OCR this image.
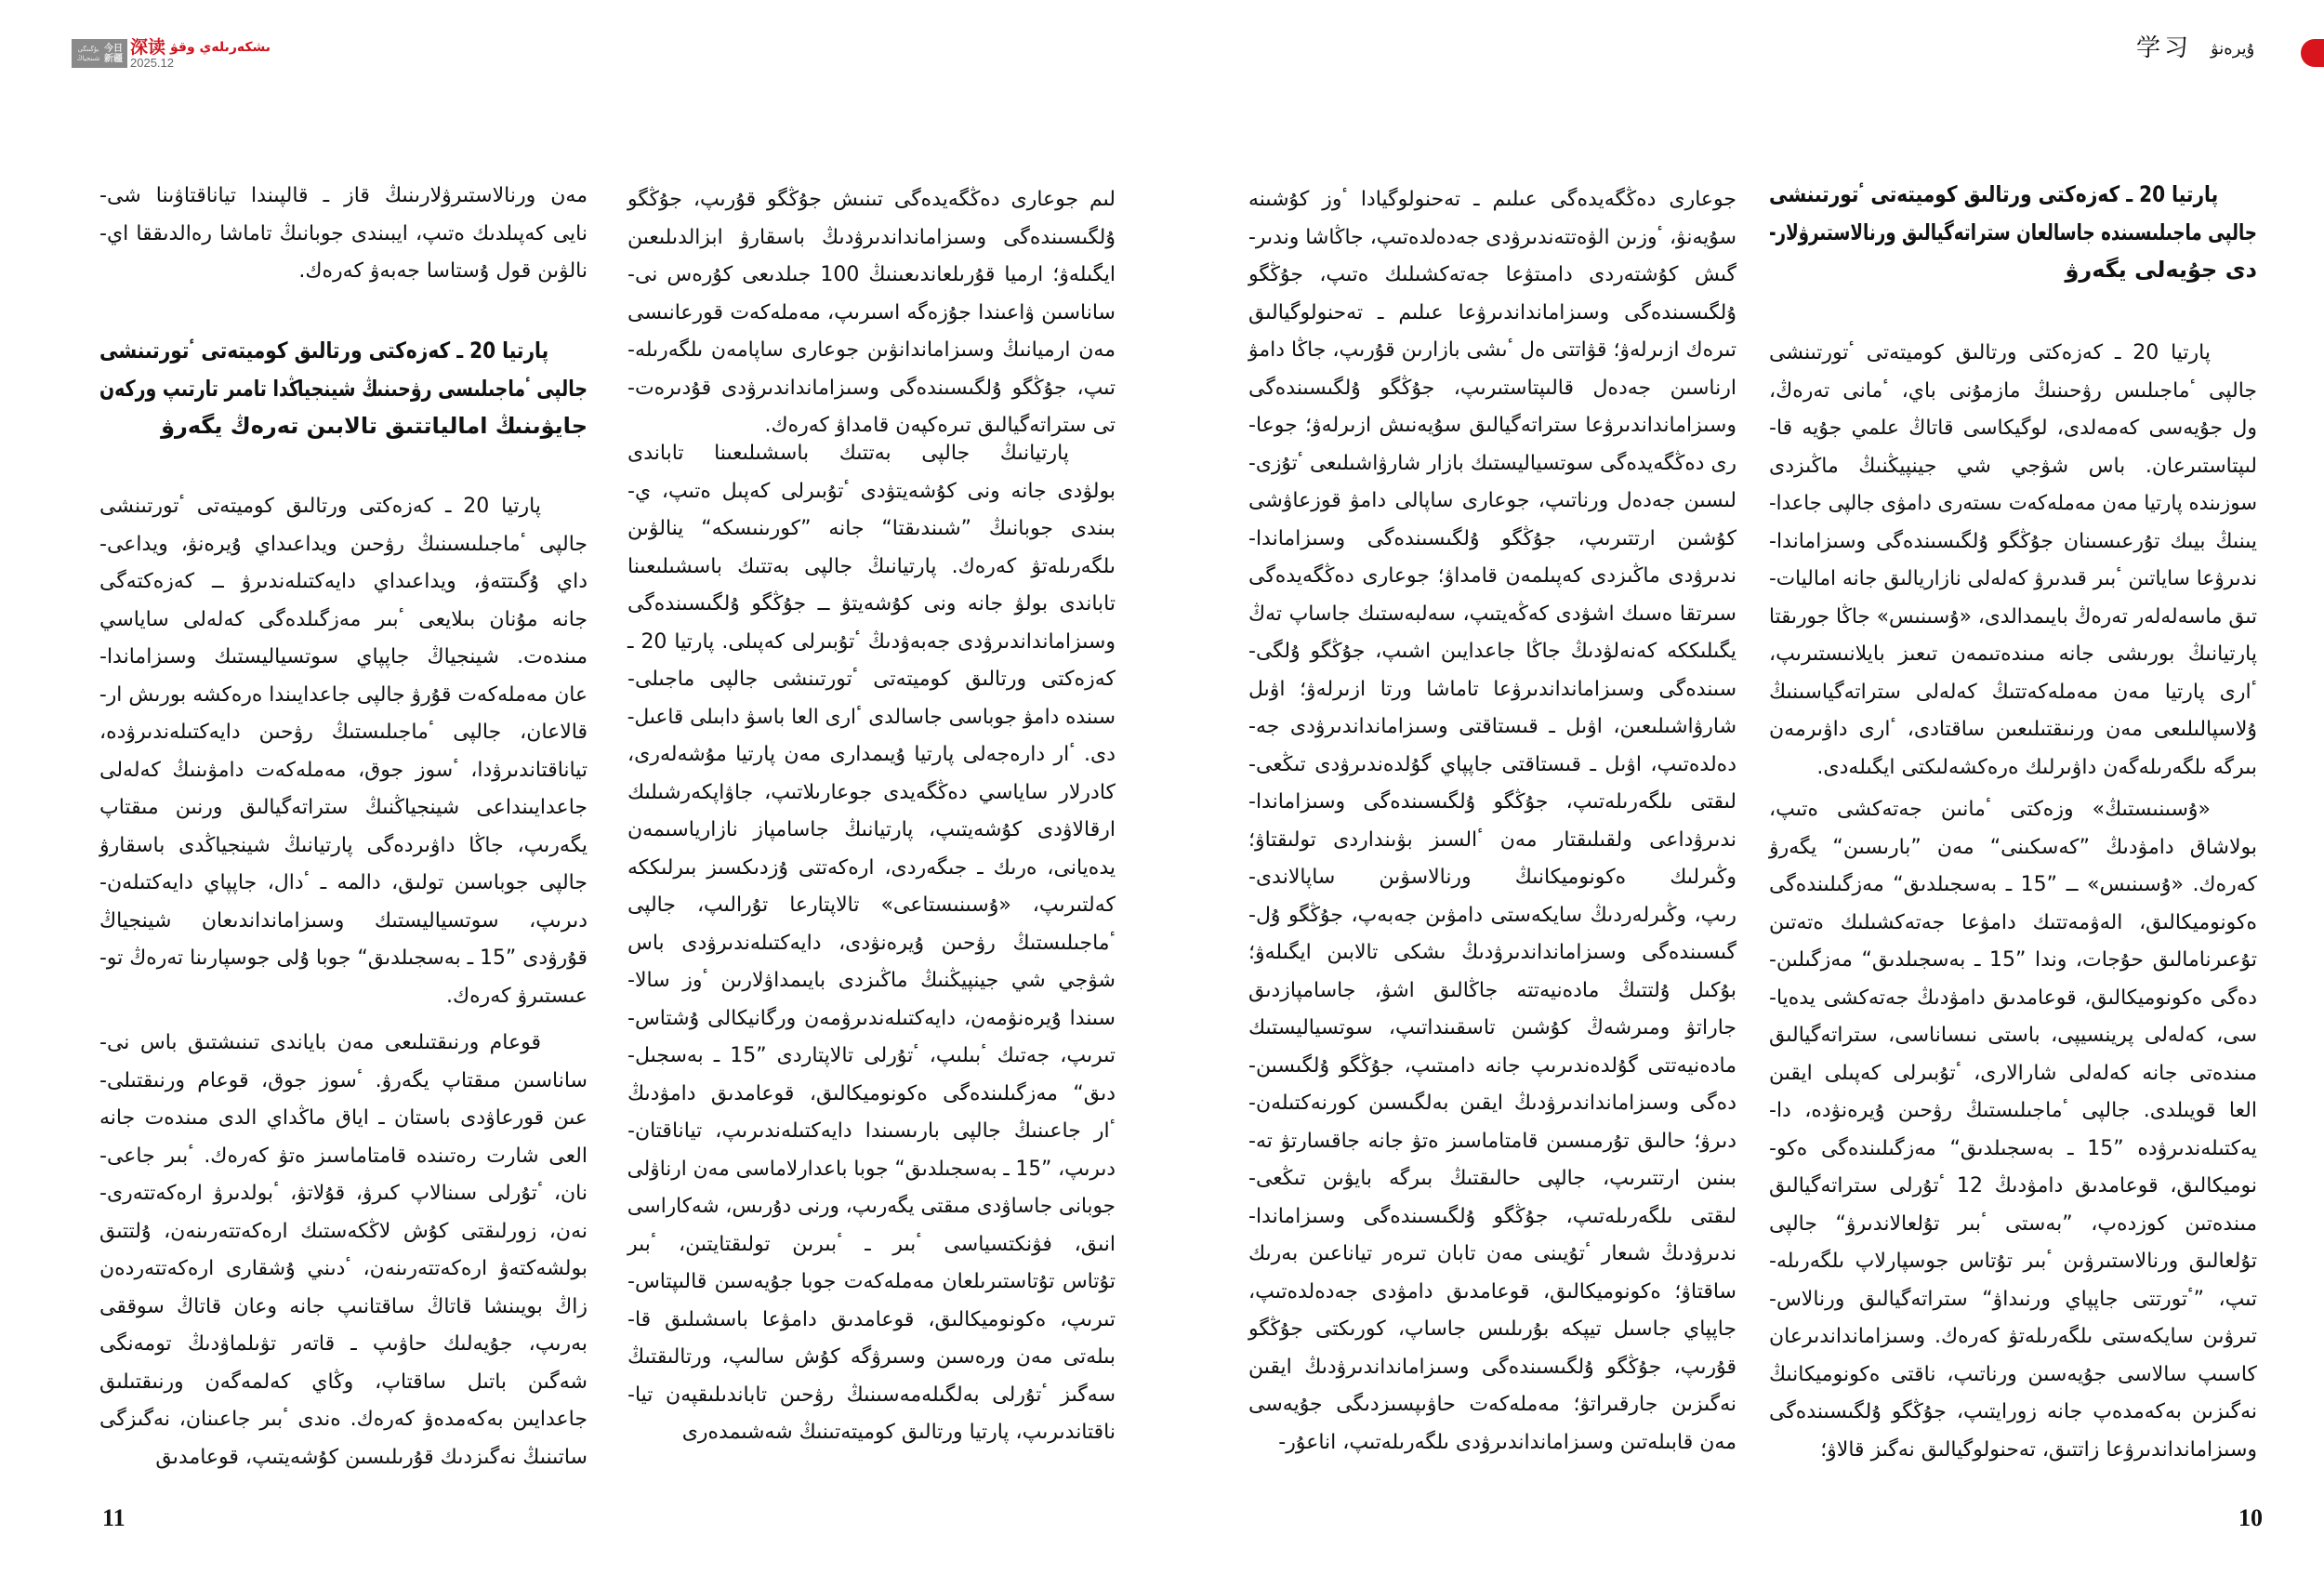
بۇگىنگى شىنجياڭ
今日新疆
深读 ىشكەرىلەي وقۋ
2025.12
学习 ۇيرەنۋ
پارتيا 20 ـ كەزەكتى ورتالىق كوميتەتى ٴتورتىنشى
جالپى ماجىلىسىندە جاسالعان ستراتەگيالىق ورنالاستىرۋلار-
دى جۇيەلى يگەرۋ
پارتيا 20 ـ كەزەكتى ورتالىق كوميتەتى ٴتورتىنشى
جالپى ٴماجىلىس رۋحىنىڭ مازمۇنى باي، ٴمانى تەرەڭ،
ول جۇيەسى كەمەلدى، لوگيكاسى قاتاڭ علمي جۇيە قا-
لىپتاستىرعان. باس شۋجي شي جينپيڭنىڭ ماڭىزدى
سوزىندە پارتيا مەن مەملەكەت ىستەرى دامۋى جالپى جاعدا-
يىنىڭ بيىك تۇرعىسىنان جۇڭگو ۇلگىسىندەگى وسىزاماندا-
ندىرۋعا ساياتىن ٴبىر قىدىرۋ كەلەلى نازاريالىق جانە اماليات-
تىق ماسەلەلەر تەرەڭ بايىمدالدى، «ۇسىنىس» جاڭا جورىقتا
پارتيانىڭ بورىشى جانە مىندەتىمەن تىعىز بايلانىستىرىپ،
ٴارى پارتيا مەن مەملەكەتتىڭ كەلەلى ستراتەگياسىنىڭ
ۇلاسپالىلىعى مەن ورنىقتىلىعىن ساقتادى، ٴارى داۋىرمەن
بىرگە ىلگەرىلەگەن داۋىرلىك ەرەكشەلىكتى ايگىلەدى.
«ۇسىنىستىڭ» وزەكتى ٴمانىن جەتەكشى ەتىپ،
بولاشاق دامۋدىڭ ”كەسكىنى“ مەن ”بارىسىن“ يگەرۋ
كەرەك. «ۇسىنىس» ــ ”15 ـ بەسجىلدىق“ مەزگىلىندەگى
ەكونوميكالىق، الەۋمەتتىك دامۋعا جەتەكشىلىك ەتەتىن
تۇعىرنامالىق حۇجات، وندا ”15 ـ بەسجىلدىق“ مەزگىلىن-
دەگى ەكونوميكالىق، قوعامدىق دامۋدىڭ جەتەكشى يدەيا-
سى، كەلەلى پرينسيپى، باستى نىساناسى، ستراتەگيالىق
مىندەتى جانە كەلەلى شارالارى، ٴتۇبىرلى كەپىلى ايقىن
العا قويىلدى. جالپى ٴماجىلىستىڭ رۋحىن ۇيرەنۋدە، دا-
يەكتىلەندىرۋدە ”15 ـ بەسجىلدىق“ مەزگىلىندەگى ەكو-
نوميكالىق، قوعامدىق دامۋدىڭ 12 ٴتۇرلى ستراتەگيالىق
مىندەتىن كوزدەپ، ”بەستى ٴبىر تۇلعالاندىرۋ“ جالپى
تۇلعالىق ورنالاستىرۋىن ٴبىر تۇتاس جوسپارلاپ ىلگەرىلە-
تىپ، ”ٴتورتتى جاپپاي ورنىداۋ“ ستراتەگيالىق ورنالاس-
تىرۋىن سايكەستى ىلگەرىلەتۋ كەرەك. وسىزامانداندىرعان
كاسىپ سالاسى جۇيەسىن ورناتىپ، ناقتى ەكونوميكانىڭ
نەگىزىن بەكەمدەپ جانە زورايتىپ، جۇڭگو ۇلگىسىندەگى
وسىزامانداندىرۋعا زاتتىق، تەحنولوگيالىق نەگىز قالاۋ؛
جوعارى دەڭگەيدەگى عىلىم ـ تەحنولوگيادا ٴوز كۇشىنە
سۇيەنۋ، ٴوزىن الۋەتتەندىرۋدى جەدەلدەتىپ، جاڭاشا وندىر-
گىش كۇشتەردى دامىتۋعا جەتەكشىلىك ەتىپ، جۇڭگو
ۇلگىسىندەگى وسىزامانداندىرۋعا عىلىم ـ تەحنولوگيالىق
تىرەك ازىرلەۋ؛ قۋاتتى ەل ٴىشى بازارىن قۇرىپ، جاڭا دامۋ
ارناسىن جەدەل قالىپتاستىرىپ، جۇڭگو ۇلگىسىندەگى
وسىزامانداندىرۋعا ستراتەگيالىق سۇيەنىش ازىرلەۋ؛ جوعا-
رى دەڭگەيدەگى سوتسياليستىك بازار شارۋاشىلىعى ٴتۇزى-
لىسىن جەدەل ورناتىپ، جوعارى ساپالى دامۋ قوزعاۋشى
كۇشىن ارتتىرىپ، جۇڭگو ۇلگىسىندەگى وسىزاماندا-
ندىرۋدى ماڭىزدى كەپىلمەن قامداۋ؛ جوعارى دەڭگەيدەگى
سىرتقا ەسىك اشۋدى كەڭەيتىپ، سەلبەستىك جاساپ تەڭ
يگىلىككە كەنەلۋدىڭ جاڭا جاعدايىن اشىپ، جۇڭگو ۇلگى-
سىندەگى وسىزامانداندىرۋعا تاماشا ورتا ازىرلەۋ؛ اۋىل
شارۋاشىلىعىن، اۋىل ـ قىستاقتى وسىزامانداندىرۋدى جە-
دەلدەتىپ، اۋىل ـ قىستاقتى جاپپاي گۇلدەندىرۋدى تىڭعى-
لىقتى ىلگەرىلەتىپ، جۇڭگو ۇلگىسىندەگى وسىزاماندا-
ندىرۋداعى ولقىلىقتار مەن ٴالسىز بۋىنداردى تولىقتاۋ؛
وڭىرلىك ەكونوميكانىڭ ورنالاسۋىن ساپالاندى-
رىپ، وڭىرلەردىڭ سايكەستى دامۋىن جەبەپ، جۇڭگو ۇل-
گىسىندەگى وسىزامانداندىرۋدىڭ ىشكى تالابىن ايگىلەۋ؛
بۇكىل ۇلتتىڭ مادەنيەتتە جاڭالىق اشۋ، جاسامپازدىق
جاراتۋ ومىرشەڭ كۇشىن تاسقىنداتىپ، سوتسياليستىك
مادەنيەتتى گۇلدەندىرىپ جانە دامىتىپ، جۇڭگو ۇلگىسىن-
دەگى وسىزامانداندىرۋدىڭ ايقىن بەلگىسىن كورنەكتىلەن-
دىرۋ؛ حالىق تۇرمىسىن قامتاماسىز ەتۋ جانە جاقسارتۋ تە-
بىنىن ارتتىرىپ، جالپى حالىقتىڭ بىرگە بايۋىن تىڭعى-
لىقتى ىلگەرىلەتىپ، جۇڭگو ۇلگىسىندەگى وسىزاماندا-
ندىرۋدىڭ شىعار ٴتۇيىنى مەن تابان تىرەر تياناعىن بەرىك
ساقتاۋ؛ ەكونوميكالىق، قوعامدىق دامۋدى جەدەلدەتىپ،
جاپپاي جاسىل تيپكە بۇرىلىس جاساپ، كورىكتى جۇڭگو
قۇرىپ، جۇڭگو ۇلگىسىندەگى وسىزامانداندىرۋدىڭ ايقىن
نەگىزىن جارقىراتۋ؛ مەملەكەت حاۋىپسىزدىگى جۇيەسى
مەن قابىلەتىن وسىزامانداندىرۋدى ىلگەرىلەتىپ، اناعۇر-
لىم جوعارى دەڭگەيدەگى تىنىش جۇڭگو قۇرىپ، جۇڭگو
ۇلگىسىندەگى وسىزامانداندىرۋدىڭ باسقارۋ ابزالدىلىعىن
ايگىلەۋ؛ ارميا قۇرىلعاندىعىنىڭ 100 جىلدىعى كۇرەس نى-
ساناسىن ۋاعىندا جۇزەگە اسىرىپ، مەملەكەت قورعانىسى
مەن ارميانىڭ وسىزاماندانۋىن جوعارى ساپامەن ىلگەرىلە-
تىپ، جۇڭگو ۇلگىسىندەگى وسىزامانداندىرۋدى قۇدىرەت-
تى ستراتەگيالىق تىرەكپەن قامداۋ كەرەك.
پارتيانىڭ جالپى بەتتىك باسشىلىعىنا تاباندى
بولۋدى جانە ونى كۇشەيتۋدى ٴتۇبىرلى كەپىل ەتىپ، ي-
بىندى جوبانىڭ ”شىندىقتا“ جانە ”كورىنىسكە“ ينالۋىن
ىلگەرىلەتۋ كەرەك. پارتيانىڭ جالپى بەتتىك باسشىلىعىنا
تاباندى بولۋ جانە ونى كۇشەيتۋ ــ جۇڭگو ۇلگىسىندەگى
وسىزامانداندىرۋدى جەبەۋدىڭ ٴتۇبىرلى كەپىلى. پارتيا 20 ـ
كەزەكتى ورتالىق كوميتەتى ٴتورتىنشى جالپى ماجىلى-
سىندە دامۋ جوباسى جاسالدى ٴارى العا باسۋ دابىلى قاعىل-
دى. ٴار دارەجەلى پارتيا ۇيىمدارى مەن پارتيا مۇشەلەرى،
كادرلار ساياسي دەڭگەيدى جوعارىلاتىپ، جاۋاپكەرشىلىك
ارقالاۋدى كۇشەيتىپ، پارتيانىڭ جاسامپاز نازارياسىمەن
يدەيانى، ەرىك ـ جىگەردى، ارەكەتتى ۇزدىكسىز بىرلىككە
كەلتىرىپ، «ۇسىنىستاعى» تالاپتارعا تۇرالىپ، جالپى
ٴماجىلىستىڭ رۋحىن ۇيرەنۋدى، دايەكتىلەندىرۋدى باس
شۋجي شي جينپيڭنىڭ ماڭىزدى بايىمداۋلارىن ٴوز سالا-
سىندا ۇيرەنۋمەن، دايەكتىلەندىرۋمەن ورگانيكالى ۇشتاس-
تىرىپ، جەتىك ٴبىلىپ، ٴتۇرلى تالاپتاردى ”15 ـ بەسجىل-
دىق“ مەزگىلىندەگى ەكونوميكالىق، قوعامدىق دامۋدىڭ
ٴار جاعىنىڭ جالپى بارىسىندا دايەكتىلەندىرىپ، تياناقتان-
دىرىپ، ”15 ـ بەسجىلدىق“ جوبا باعدارلاماسى مەن ارناۋلى
جوبانى جاساۋدى مىقتى يگەرىپ، ورنى دۇرىس، شەكاراسى
انىق، فۋنكتسياسى ٴبىر ـ ٴبىرىن تولىقتايتىن، ٴبىر
تۇتاس تۇتاستىرىلعان مەملەكەت جوبا جۇيەسىن قالىپتاس-
تىرىپ، ەكونوميكالىق، قوعامدىق دامۋعا باسشىلىق قا-
بىلەتى مەن ورەسىن وسىرۋگە كۇش سالىپ، ورتالىقتىڭ
سەگىز ٴتۇرلى بەلگىلەمەسىنىڭ رۋحىن تاباندىلىقپەن تيا-
ناقتاندىرىپ، پارتيا ورتالىق كوميتەتىنىڭ شەشىمدەرى
مەن ورنالاستىرۋلارىنىڭ قاز ـ قالپىندا تياناقتاۋىنا شى-
نايى كەپىلدىك ەتىپ، ايبىندى جوبانىڭ تاماشا رەالدىققا اي-
نالۋىن قول ۇستاسا جەبەۋ كەرەك.
پارتيا 20 ـ كەزەكتى ورتالىق كوميتەتى ٴتورتىنشى
جالپى ٴماجىلىسى رۋحىنىڭ شينجياڭدا تامىر تارتىپ وركەن
جايۋىنىڭ امالياتتىق تالابىن تەرەڭ يگەرۋ
پارتيا 20 ـ كەزەكتى ورتالىق كوميتەتى ٴتورتىنشى
جالپى ٴماجىلىسىنىڭ رۋحىن ويداعىداي ۇيرەنۋ، ويداعى-
داي ۇگىتتەۋ، ويداعىداي دايەكتىلەندىرۋ ــ كەزەكتەگى
جانە مۇنان بىلايعى ٴبىر مەزگىلدەگى كەلەلى ساياسي
مىندەت. شينجياڭ جاپپاي سوتسياليستىك وسىزاماندا-
عان مەملەكەت قۇرۋ جالپى جاعدايىندا ەرەكشە بورىش ار-
قالاعان، جالپى ٴماجىلىستىڭ رۋحىن دايەكتىلەندىرۋدە،
تياناقتاندىرۋدا، ٴسوز جوق، مەملەكەت دامۋىنىڭ كەلەلى
جاعدايىنداعى شينجياڭنىڭ ستراتەگيالىق ورنىن مىقتاپ
يگەرىپ، جاڭا داۋىردەگى پارتيانىڭ شينجياڭدى باسقارۋ
جالپى جوباسىن تولىق، دالمە ـ ٴدال، جاپپاي دايەكتىلەن-
دىرىپ، سوتسياليستىك وسىزامانداندىعان شينجياڭ
قۇرۋدى ”15 ـ بەسجىلدىق“ جوبا ۇلى جوسپارىنا تەرەڭ تو-
عىستىرۋ كەرەك.
قوعام ورنىقتىلىعى مەن باياندى تىنىشتىق باس نى-
ساناسىن مىقتاپ يگەرۋ. ٴسوز جوق، قوعام ورنىقتىلى-
عىن قورعاۋدى باستان ـ اياق ماڭداي الدى مىندەت جانە
العى شارت رەتىندە قامتاماسىز ەتۋ كەرەك. ٴبىر جاعى-
نان، ٴتۇرلى سىنالاپ كىرۋ، قۇلاتۋ، ٴبولدىرۋ ارەكەتتەرى-
نەن، زورلىقتى كۇش لاڭكەستىك ارەكەتتەرىنەن، ۇلتتىق
بولشەكتەۋ ارەكەتتەرىنەن، ٴدىني ۇشقارى ارەكەتتەردەن
زاڭ بويىنشا قاتاڭ ساقتانىپ جانە وعان قاتاڭ سوققى
بەرىپ، جۇيەلىك حاۋىپ ـ قاتەر تۋىلماۋدىڭ تومەنگى
شەگىن باتىل ساقتاپ، وڭاي كەلمەگەن ورنىقتىلىق
جاعدايىن بەكەمدەۋ كەرەك. ەندى ٴبىر جاعىنان، نەگىزگى
ساتىنىڭ نەگىزدىك قۇرىلىسىن كۇشەيتىپ، قوعامدىق
11	10
